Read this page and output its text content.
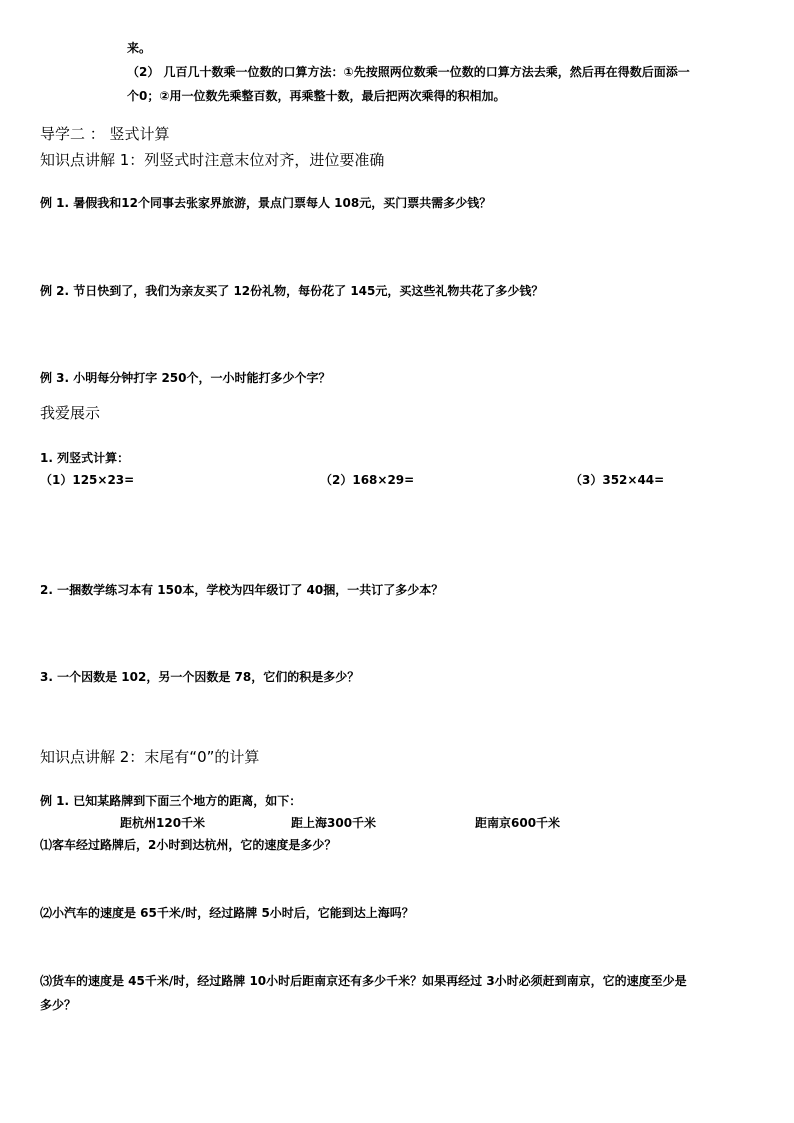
来。
（2） 几百几十数乘一位数的口算方法：①先按照两位数乘一位数的口算方法去乘，然后再在得数后面添一
个0；②用一位数先乘整百数，再乘整十数，最后把两次乘得的积相加。
导学二 ： 竖式计算
知识点讲解 1：列竖式时注意末位对齐，进位要准确
例 1. 暑假我和12个同事去张家界旅游，景点门票每人 108元，买门票共需多少钱？
例 2. 节日快到了，我们为亲友买了 12份礼物，每份花了 145元，买这些礼物共花了多少钱？
例 3. 小明每分钟打字 250个，一小时能打多少个字？
我爱展示
1. 列竖式计算：
（1）125×23=	（2）168×29=	（3）352×44=
2. 一捆数学练习本有 150本，学校为四年级订了 40捆，一共订了多少本？
3. 一个因数是 102，另一个因数是 78，它们的积是多少？
知识点讲解 2：末尾有“0”的计算
例 1. 已知某路牌到下面三个地方的距离，如下：
距杭州120千米	距上海300千米	距南京600千米
⑴客车经过路牌后，2小时到达杭州，它的速度是多少？
⑵小汽车的速度是 65千米/时，经过路牌 5小时后，它能到达上海吗？
⑶货车的速度是 45千米/时，经过路牌 10小时后距南京还有多少千米？如果再经过 3小时必须赶到南京，它的速度至少是
多少？
